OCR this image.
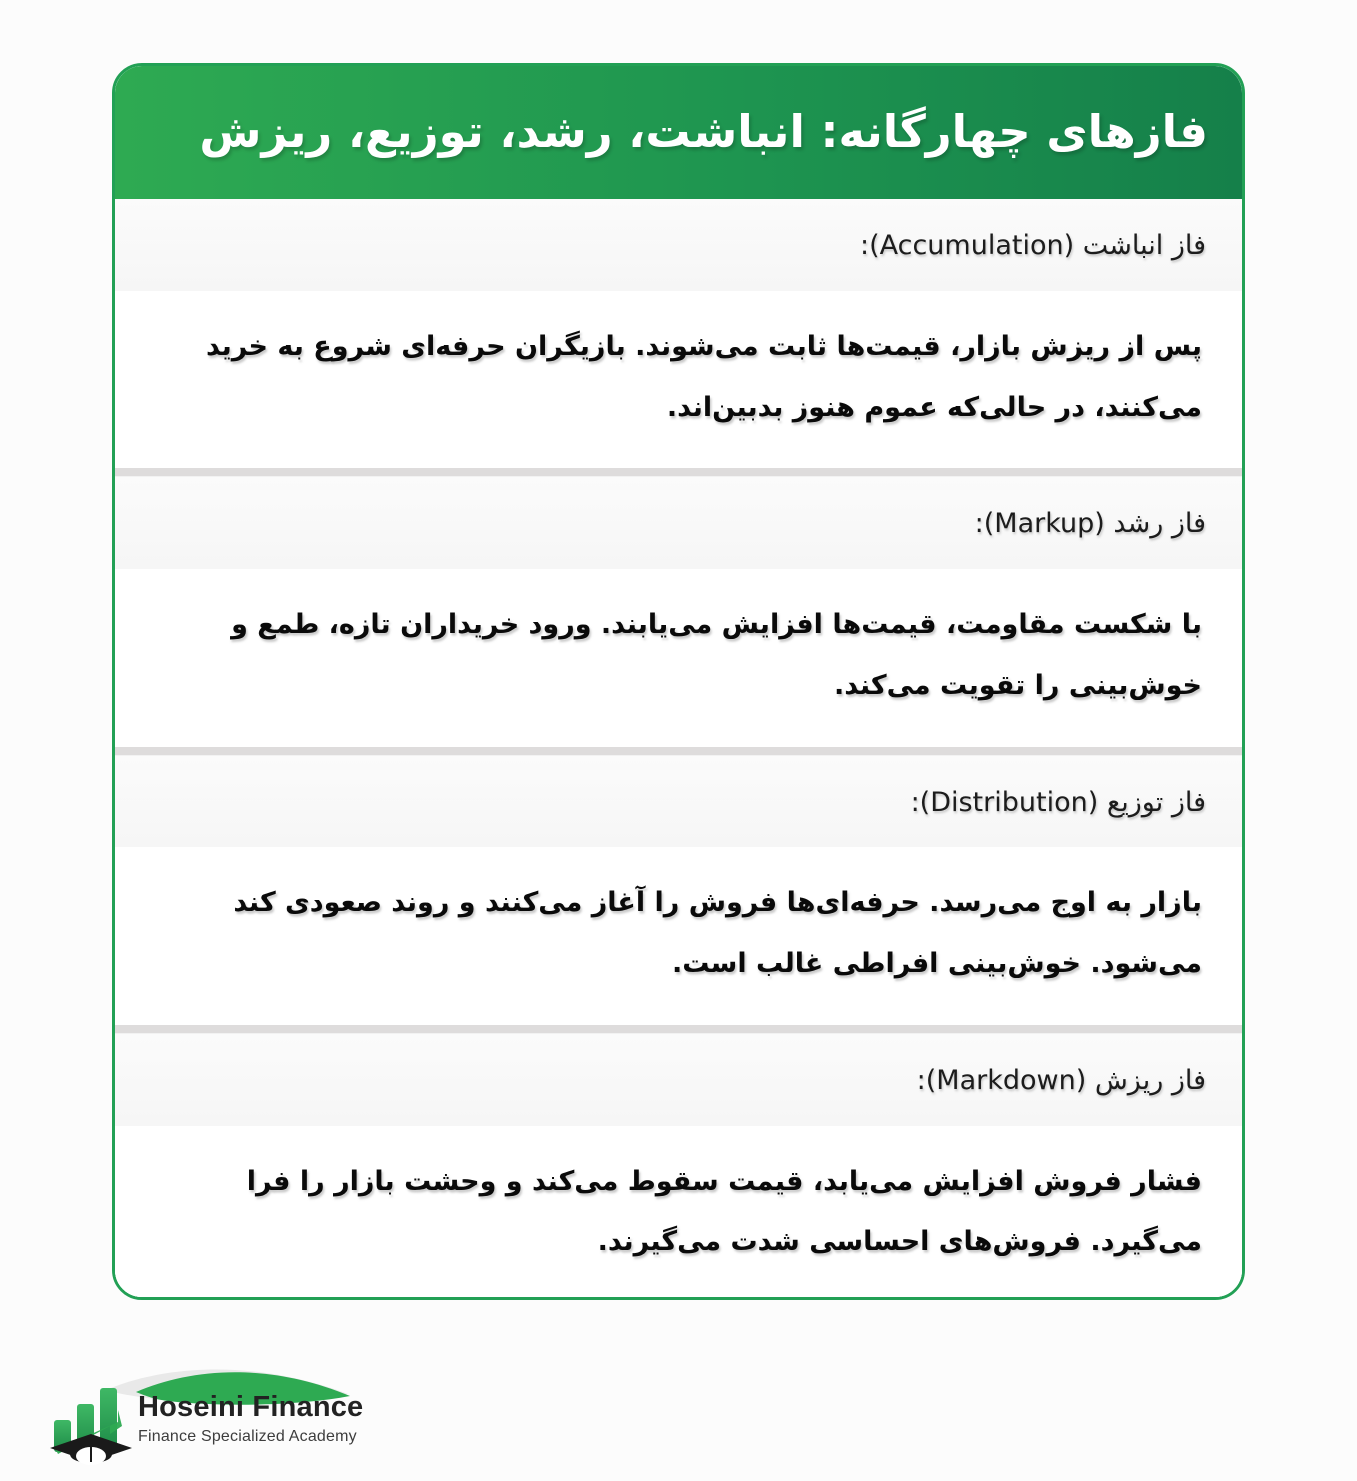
فازهای چهارگانه: انباشت، رشد، توزیع، ریزش
فاز انباشت (Accumulation):
پس از ریزش بازار، قیمت‌ها ثابت می‌شوند. بازیگران حرفه‌ای شروع به خرید می‌کنند، در حالی‌که عموم هنوز بدبین‌اند.
فاز رشد (Markup):
با شکست مقاومت، قیمت‌ها افزایش می‌یابند. ورود خریداران تازه، طمع و خوش‌بینی را تقویت می‌کند.
فاز توزیع (Distribution):
بازار به اوج می‌رسد. حرفه‌ای‌ها فروش را آغاز می‌کنند و روند صعودی کند می‌شود. خوش‌بینی افراطی غالب است.
فاز ریزش (Markdown):
فشار فروش افزایش می‌یابد، قیمت سقوط می‌کند و وحشت بازار را فرا می‌گیرد. فروش‌های احساسی شدت می‌گیرند.
Hoseini Finance
Finance Specialized Academy
